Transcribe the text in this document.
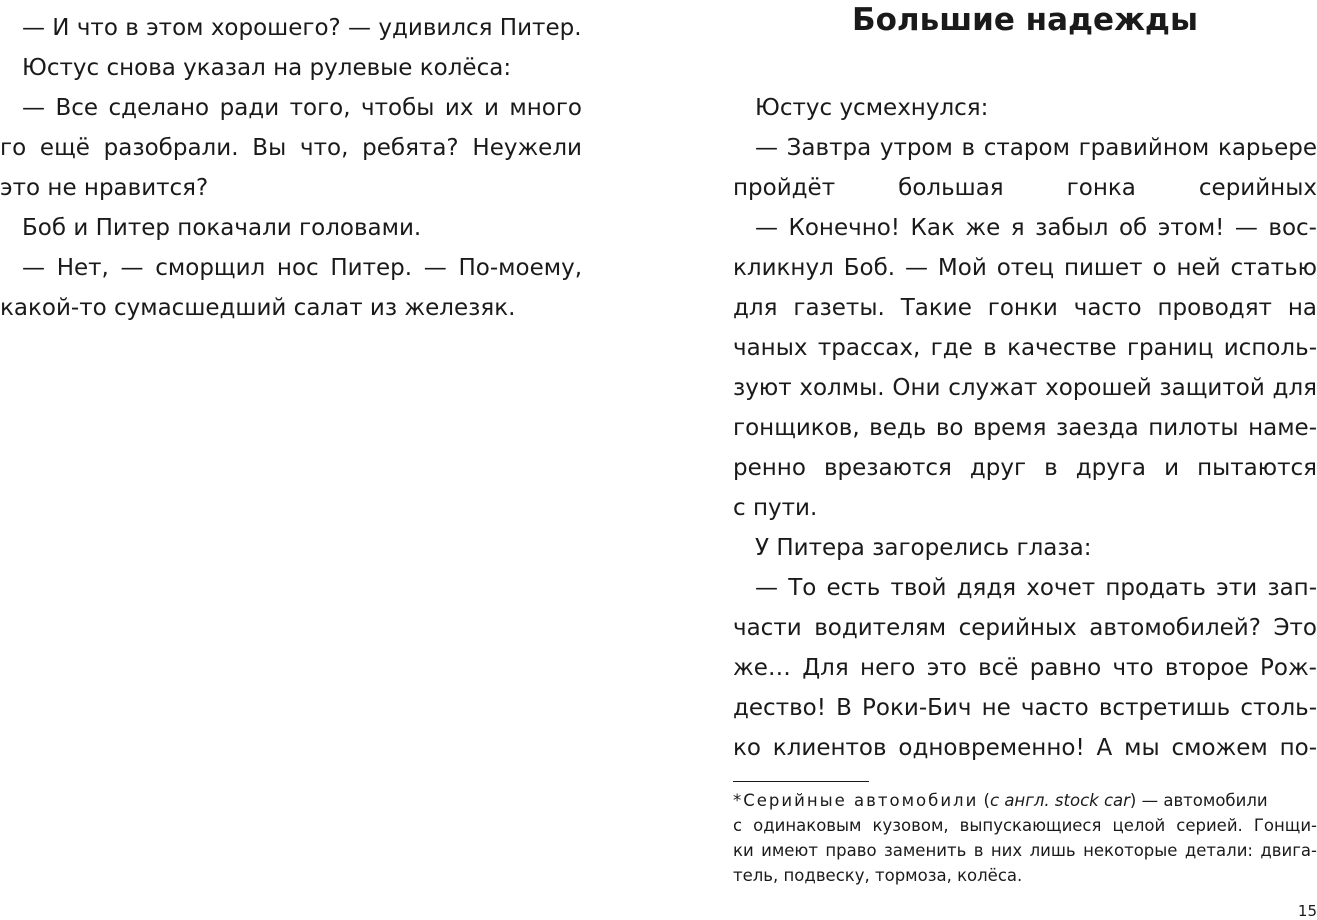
— И что в этом хорошего? — удивился Питер.
Юстус снова указал на рулевые колёса:
— Все сделано ради того, чтобы их и много
го ещё разобрали. Вы что, ребята? Неужели
это не нравится?
Боб и Питер покачали головами.
— Нет, — сморщил нос Питер. — По-моему,
какой-то сумасшедший салат из железяк.
Большие надежды
Юстус усмехнулся:
— Завтра утром в старом гравийном карьере
пройдёт большая гонка серийных
— Конечно! Как же я забыл об этом! — вос-
кликнул Боб. — Мой отец пишет о ней статью
для газеты. Такие гонки часто проводят на
чаных трассах, где в качестве границ исполь-
зуют холмы. Они служат хорошей защитой для
гонщиков, ведь во время заезда пилоты наме-
ренно врезаются друг в друга и пытаются
с пути.
У Питера загорелись глаза:
— То есть твой дядя хочет продать эти зап-
части водителям серийных автомобилей? Это
же… Для него это всё равно что второе Рож-
дество! В Роки-Бич не часто встретишь столь-
ко клиентов одновременно! А мы сможем по-
*Серийные автомобили (с англ. stock car) — автомобили
с одинаковым кузовом, выпускающиеся целой серией. Гонщи-
ки имеют право заменить в них лишь некоторые детали: двига-
тель, подвеску, тормоза, колёса.
15
